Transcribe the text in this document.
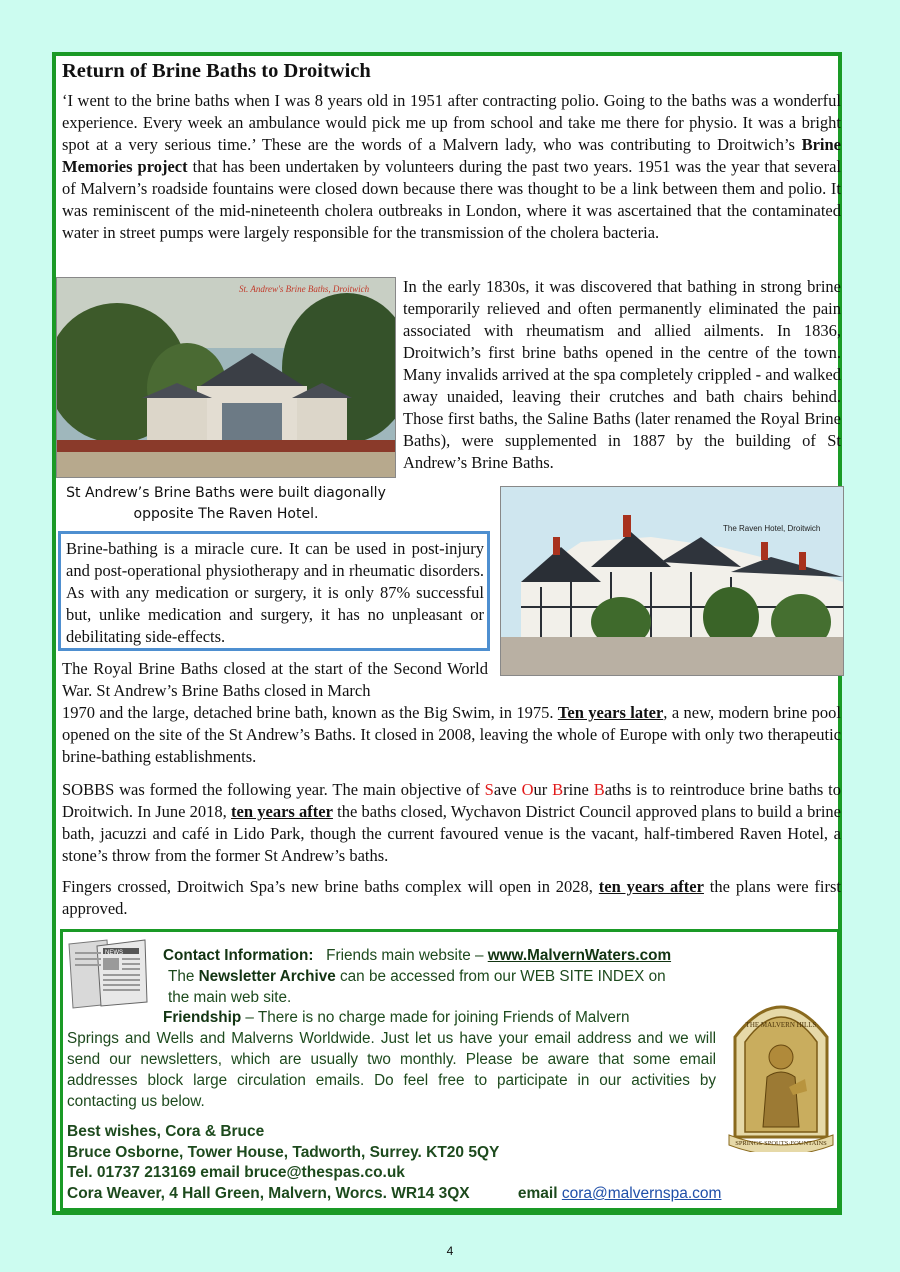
Return of Brine Baths to Droitwich

‘I went to the brine baths when I was 8 years old in 1951 after contracting polio. Going to the baths was a wonderful experience. Every week an ambulance would pick me up from school and take me there for physio. It was a bright spot at a very serious time.’ These are the words of a Malvern lady, who was contributing to Droitwich’s Brine Memories project that has been undertaken by volunteers during the past two years. 1951 was the year that several of Malvern’s roadside fountains were closed down because there was thought to be a link between them and polio. It was reminiscent of the mid-nineteenth cholera outbreaks in London, where it was ascertained that the contaminated water in street pumps were largely responsible for the transmission of the cholera bacteria.

St. Andrew's Brine Baths, Droitwich
St Andrew’s Brine Baths were built diagonally opposite The Raven Hotel.

In the early 1830s, it was discovered that bathing in strong brine temporarily relieved and often permanently eliminated the pain associated with rheumatism and allied ailments. In 1836, Droitwich’s first brine baths opened in the centre of the town. Many invalids arrived at the spa completely crippled - and walked away unaided, leaving their crutches and bath chairs behind. Those first baths, the Saline Baths (later renamed the Royal Brine Baths), were supplemented in 1887 by the building of St Andrew’s Brine Baths.

The Raven Hotel, Droitwich

Brine-bathing is a miracle cure. It can be used in post-injury and post-operational physiotherapy and in rheumatic disorders. As with any medication or surgery, it is only 87% successful but, unlike medication and surgery, it has no unpleasant or debilitating side-effects.

The Royal Brine Baths closed at the start of the Second World War. St Andrew’s Brine Baths closed in March

1970 and the large, detached brine bath, known as the Big Swim, in 1975. Ten years later, a new, modern brine pool opened on the site of the St Andrew’s Baths. It closed in 2008, leaving the whole of Europe with only two therapeutic brine-bathing establishments.

SOBBS was formed the following year. The main objective of Save Our Brine Baths is to reintroduce brine baths to Droitwich. In June 2018, ten years after the baths closed, Wychavon District Council approved plans to build a brine bath, jacuzzi and café in Lido Park, though the current favoured venue is the vacant, half-timbered Raven Hotel, a stone’s throw from the former St Andrew’s baths.

Fingers crossed, Droitwich Spa’s new brine baths complex will open in 2028, ten years after the plans were first approved.

NEWS	Contact Information: Friends main website – www.MalvernWaters.com
The Newsletter Archive can be accessed from our WEB SITE INDEX on
the main web site.
Friendship – There is no charge made for joining Friends of Malvern
Springs and Wells and Malverns Worldwide. Just let us have your email address and we will send our newsletters, which are usually two monthly. Please be aware that some email addresses block large circulation emails. Do feel free to participate in our activities by contacting us below.
THE MALVERN HILLS
SPRINGS·SPOUTS·FOUNTAINS
Best wishes, Cora & Bruce
Bruce Osborne, Tower House, Tadworth, Surrey. KT20 5QY
Tel. 01737 213169 email bruce@thespas.co.uk
Cora Weaver, 4 Hall Green, Malvern, Worcs. WR14 3QX	email cora@malvernspa.com
4
